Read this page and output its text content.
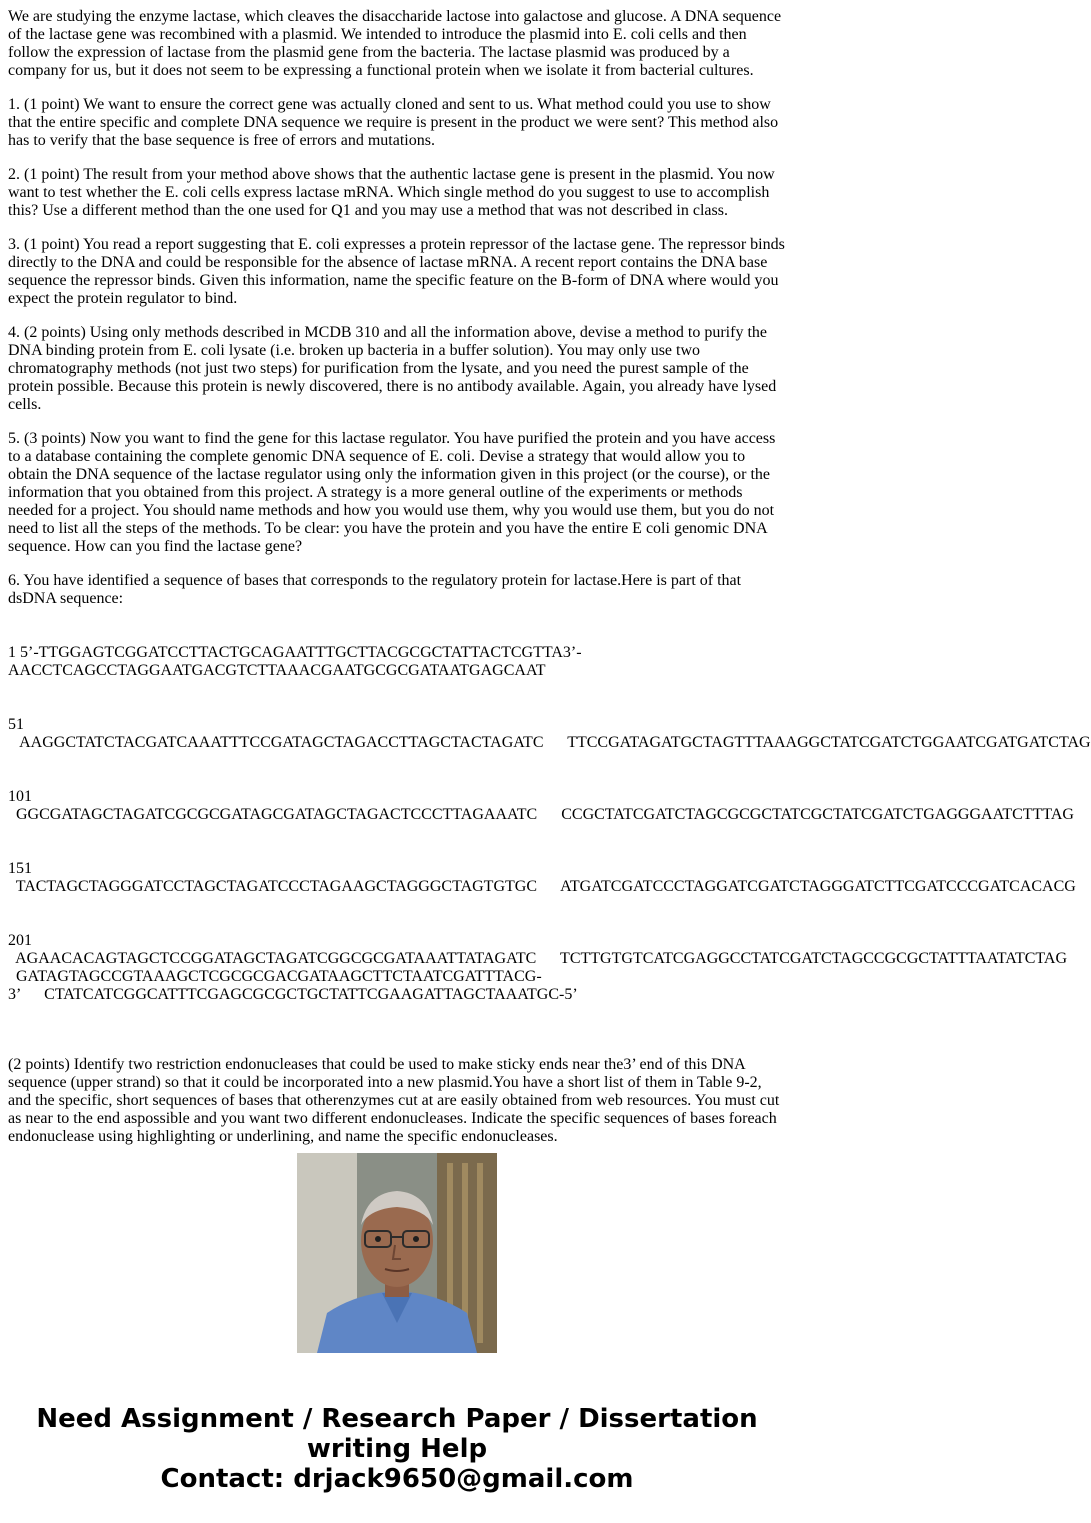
We are studying the enzyme lactase, which cleaves the disaccharide lactose into galactose and glucose. A DNA sequence of the lactase gene was recombined with a plasmid. We intended to introduce the plasmid into E. coli cells and then follow the expression of lactase from the plasmid gene from the bacteria. The lactase plasmid was produced by a company for us, but it does not seem to be expressing a functional protein when we isolate it from bacterial cultures.

1. (1 point) We want to ensure the correct gene was actually cloned and sent to us. What method could you use to show that the entire specific and complete DNA sequence we require is present in the product we were sent? This method also has to verify that the base sequence is free of errors and mutations.

2. (1 point) The result from your method above shows that the authentic lactase gene is present in the plasmid. You now want to test whether the E. coli cells express lactase mRNA. Which single method do you suggest to use to accomplish this? Use a different method than the one used for Q1 and you may use a method that was not described in class.

3. (1 point) You read a report suggesting that E. coli expresses a protein repressor of the lactase gene. The repressor binds directly to the DNA and could be responsible for the absence of lactase mRNA. A recent report contains the DNA base sequence the repressor binds. Given this information, name the specific feature on the B-form of DNA where would you expect the protein regulator to bind.

4. (2 points) Using only methods described in MCDB 310 and all the information above, devise a method to purify the DNA binding protein from E. coli lysate (i.e. broken up bacteria in a buffer solution). You may only use two chromatography methods (not just two steps) for purification from the lysate, and you need the purest sample of the protein possible. Because this protein is newly discovered, there is no antibody available. Again, you already have lysed cells.

5. (3 points) Now you want to find the gene for this lactase regulator. You have purified the protein and you have access to a database containing the complete genomic DNA sequence of E. coli. Devise a strategy that would allow you to obtain the DNA sequence of the lactase regulator using only the information given in this project (or the course), or the information that you obtained from this project. A strategy is a more general outline of the experiments or methods needed for a project. You should name methods and how you would use them, why you would use them, but you do not need to list all the steps of the methods. To be clear: you have the protein and you have the entire E coli genomic DNA sequence. How can you find the lactase gene?

6. You have identified a sequence of bases that corresponds to the regulatory protein for lactase.Here is part of that dsDNA sequence:

1 5’-TTGGAGTCGGATCCTTACTGCAGAATTTGCTTACGCGCTATTACTCGTTA3’-
AACCTCAGCCTAGGAATGACGTCTTAAACGAATGCGCGATAATGAGCAAT
51
AAGGCTATCTACGATCAAATTTCCGATAGCTAGACCTTAGCTACTAGATC      TTCCGATAGATGCTAGTTTAAAGGCTATCGATCTGGAATCGATGATCTAG
101
GGCGATAGCTAGATCGCGCGATAGCGATAGCTAGACTCCCTTAGAAATC      CCGCTATCGATCTAGCGCGCTATCGCTATCGATCTGAGGGAATCTTTAG
151
TACTAGCTAGGGATCCTAGCTAGATCCCTAGAAGCTAGGGCTAGTGTGC      ATGATCGATCCCTAGGATCGATCTAGGGATCTTCGATCCCGATCACACG
201
AGAACACAGTAGCTCCGGATAGCTAGATCGGCGCGATAAATTATAGATC      TCTTGTGTCATCGAGGCCTATCGATCTAGCCGCGCTATTTAATATCTAG
GATAGTAGCCGTAAAGCTCGCGCGACGATAAGCTTCTAATCGATTTACG-
3’      CTATCATCGGCATTTCGAGCGCGCTGCTATTCGAAGATTAGCTAAATGC-5’

(2 points) Identify two restriction endonucleases that could be used to make sticky ends near the3’ end of this DNA sequence (upper strand) so that it could be incorporated into a new plasmid.You have a short list of them in Table 9-2, and the specific, short sequences of bases that otherenzymes cut at are easily obtained from web resources. You must cut as near to the end aspossible and you want two different endonucleases. Indicate the specific sequences of bases foreach endonuclease using highlighting or underlining, and name the specific endonucleases.

Need Assignment / Research Paper / Dissertation
writing Help
Contact: drjack9650@gmail.com
